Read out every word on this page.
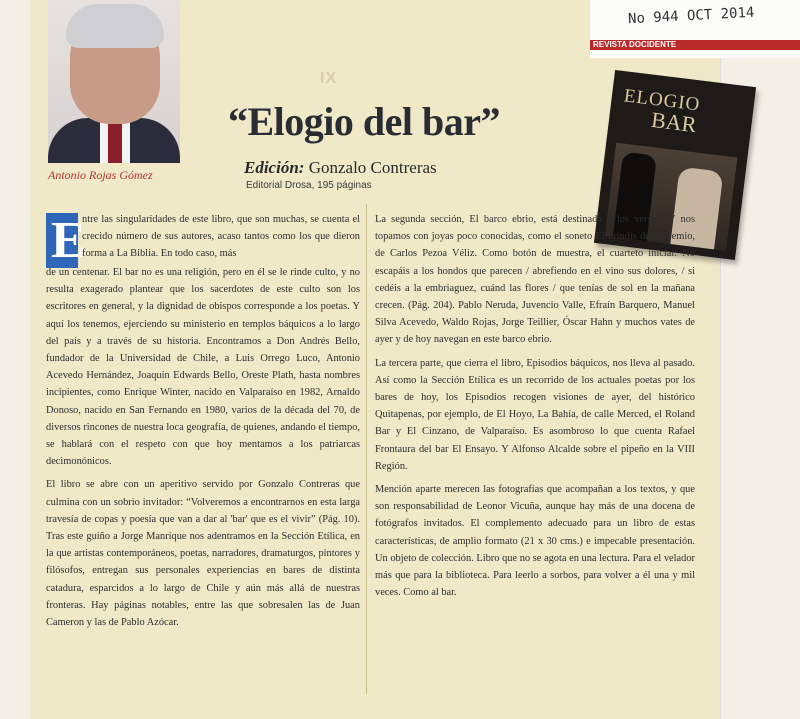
No 944 OCT 2014
REVISTA DOCIDENTE
Antonio Rojas Gómez
IX
“Elogio del bar”
Edición: Gonzalo Contreras
Editorial Drosa, 195 páginas
ELOGIO
BAR
E

ntre las singularidades de este libro, que son muchas, se cuenta el crecido número de sus autores, acaso tantos como los que dieron forma a La Biblia. En todo caso, más

de un centenar. El bar no es una religión, pero en él se le rinde culto, y no resulta exagerado plantear que los sacerdotes de este culto son los escritores en general, y la dignidad de obispos corresponde a los poetas. Y aquí los tenemos, ejerciendo su ministerio en templos báquicos a lo largo del país y a través de su historia. Encontramos a Don Andrés Bello, fundador de la Universidad de Chile, a Luis Orrego Luco, Antonio Acevedo Hernández, Joaquín Edwards Bello, Oreste Plath, hasta nombres incipientes, como Enrique Winter, nacido en Valparaíso en 1982, Arnaldo Donoso, nacido en San Fernando en 1980, varios de la década del 70, de diversos rincones de nuestra loca geografía, de quienes, andando el tiempo, se hablará con el respeto con que hoy mentamos a los patriarcas decimonónicos.

El libro se abre con un aperitivo servido por Gonzalo Contreras que culmina con un sobrio invitador: “Volveremos a encontrarnos en esta larga travesía de copas y poesía que van a dar al 'bar' que es el vivir” (Pág. 10). Tras este guiño a Jorge Manrique nos adentramos en la Sección Etílica, en la que artistas contemporáneos, poetas, narradores, dramaturgos, pintores y filósofos, entregan sus personales experiencias en bares de distinta catadura, esparcidos a lo largo de Chile y aún más allá de nuestras fronteras. Hay páginas notables, entre las que sobresalen las de Juan Cameron y las de Pablo Azócar.

La segunda sección, El barco ebrio, está destinada a los versos. Y nos topamos con joyas poco conocidas, como el soneto El brindis del bohemio, de Carlos Pezoa Véliz. Como botón de muestra, el cuarteto inicial: No escapáis a los hondos que parecen / abrefiendo en el vino sus dolores, / si cedéis a la embriaguez, cuánd las flores / que tenías de sol en la mañana crecen. (Pág. 204). Pablo Neruda, Juvencio Valle, Efraín Barquero, Manuel Silva Acevedo, Waldo Rojas, Jorge Teillier, Óscar Hahn y muchos vates de ayer y de hoy navegan en este barco ebrio.

La tercera parte, que cierra el libro, Episodios báquicos, nos lleva al pasado. Así como la Sección Etílica es un recorrido de los actuales poetas por los bares de hoy, los Episodios recogen visiones de ayer, del histórico Quitapenas, por ejemplo, de El Hoyo, La Bahía, de calle Merced, el Roland Bar y El Cinzano, de Valparaíso. Es asombroso lo que cuenta Rafael Frontaura del bar El Ensayo. Y Alfonso Alcalde sobre el pipeño en la VIII Región.

Mención aparte merecen las fotografías que acompañan a los textos, y que son responsabilidad de Leonor Vicuña, aunque hay más de una docena de fotógrafos invitados. El complemento adecuado para un libro de estas características, de amplio formato (21 x 30 cms.) e impecable presentación. Un objeto de colección. Libro que no se agota en una lectura. Para el velador más que para la biblioteca. Para leerlo a sorbos, para volver a él una y mil veces. Como al bar.
